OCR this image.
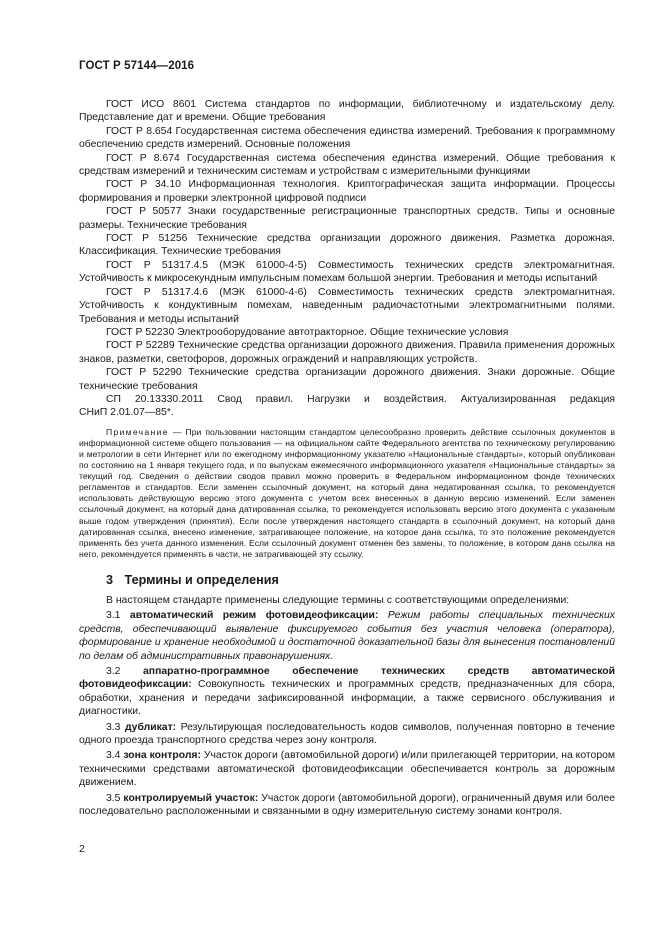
ГОСТ Р 57144—2016

ГОСТ ИСО 8601 Система стандартов по информации, библиотечному и издательскому делу. Представление дат и времени. Общие требования

ГОСТ Р 8.654 Государственная система обеспечения единства измерений. Требования к программному обеспечению средств измерений. Основные положения

ГОСТ Р 8.674 Государственная система обеспечения единства измерений. Общие требования к средствам измерений и техническим системам и устройствам с измерительными функциями

ГОСТ Р 34.10 Информационная технология. Криптографическая защита информации. Процессы формирования и проверки электронной цифровой подписи

ГОСТ Р 50577 Знаки государственные регистрационные транспортных средств. Типы и основные размеры. Технические требования

ГОСТ Р 51256 Технические средства организации дорожного движения. Разметка дорожная. Классификация. Технические требования

ГОСТ Р 51317.4.5 (МЭК 61000-4-5) Совместимость технических средств электромагнитная. Устойчивость к микросекундным импульсным помехам большой энергии. Требования и методы испытаний

ГОСТ Р 51317.4.6 (МЭК 61000-4-6) Совместимость технических средств электромагнитная. Устойчивость к кондуктивным помехам, наведенным радиочастотными электромагнитными полями. Требования и методы испытаний

ГОСТ Р 52230 Электрооборудование автотракторное. Общие технические условия

ГОСТ Р 52289 Технические средства организации дорожного движения. Правила применения дорожных знаков, разметки, светофоров, дорожных ограждений и направляющих устройств.

ГОСТ Р 52290 Технические средства организации дорожного движения. Знаки дорожные. Общие технические требования

СП 20.13330.2011 Свод правил. Нагрузки и воздействия. Актуализированная редакция

СНиП 2.01.07—85*.

Примечание — При пользовании настоящим стандартом целесообразно проверить действие ссылочных документов в информационной системе общего пользования — на официальном сайте Федерального агентства по техническому регулированию и метрологии в сети Интернет или по ежегодному информационному указателю «Национальные стандарты», который опубликован по состоянию на 1 января текущего года, и по выпускам ежемесячного информационного указателя «Национальные стандарты» за текущий год. Сведения о действии сводов правил можно проверить в Федеральном информационном фонде технических регламентов и стандартов. Если заменен ссылочный документ, на который дана недатированная ссылка, то рекомендуется использовать действующую версию этого документа с учетом всех внесенных в данную версию изменений. Если заменен ссылочный документ, на который дана датированная ссылка, то рекомендуется использовать версию этого документа с указанным выше годом утверждения (принятия). Если после утверждения настоящего стандарта в ссылочный документ, на который дана датированная ссылка, внесено изменение, затрагивающее положение, на которое дана ссылка, то это положение рекомендуется применять без учета данного изменения. Если ссылочный документ отменен без замены, то положение, в котором дана ссылка на него, рекомендуется применять в части, не затрагивающей эту ссылку.
3 Термины и определения

В настоящем стандарте применены следующие термины с соответствующими определениями:

3.1 автоматический режим фотовидеофиксации: Режим работы специальных технических средств, обеспечивающий выявление фиксируемого события без участия человека (оператора), формирование и хранение необходимой и достаточной доказательной базы для вынесения постановлений по делам об административных правонарушениях.

3.2 аппаратно-программное обеспечение технических средств автоматической фотовидеофиксации: Совокупность технических и программных средств, предназначенных для сбора, обработки, хранения и передачи зафиксированной информации, а также сервисного обслуживания и диагностики.

3.3 дубликат: Результирующая последовательность кодов символов, полученная повторно в течение одного проезда транспортного средства через зону контроля.

3.4 зона контроля: Участок дороги (автомобильной дороги) и/или прилегающей территории, на котором техническими средствами автоматической фотовидеофиксации обеспечивается контроль за дорожным движением.

3.5 контролируемый участок: Участок дороги (автомобильной дороги), ограниченный двумя или более последовательно расположенными и связанными в одну измерительную систему зонами контроля.

2
